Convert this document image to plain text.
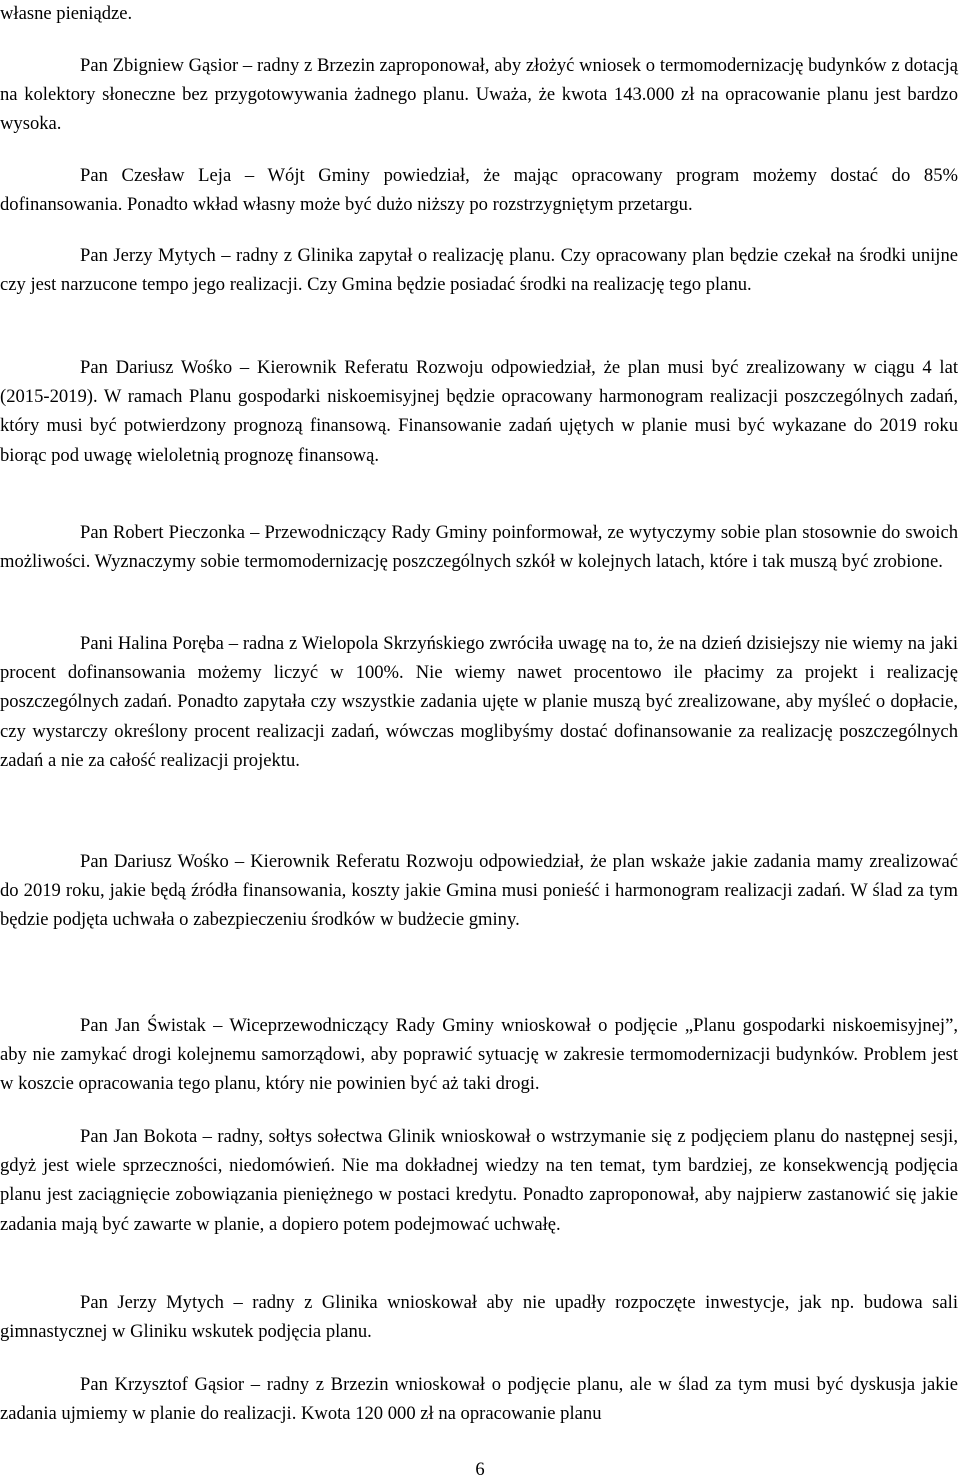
własne pieniądze.

Pan Zbigniew Gąsior – radny z Brzezin zaproponował, aby złożyć wniosek o termomodernizację budynków z dotacją na kolektory słoneczne bez przygotowywania żadnego planu. Uważa, że kwota 143.000 zł na opracowanie planu jest bardzo wysoka.

Pan Czesław Leja – Wójt Gminy powiedział, że mając opracowany program możemy dostać do 85% dofinansowania. Ponadto wkład własny może być dużo niższy po rozstrzygniętym przetargu.

Pan Jerzy Mytych – radny z Glinika zapytał o realizację planu. Czy opracowany plan będzie czekał na środki unijne czy jest narzucone tempo jego realizacji. Czy Gmina będzie posiadać środki na realizację tego planu.

Pan Dariusz Wośko – Kierownik Referatu Rozwoju odpowiedział, że plan musi być zrealizowany w ciągu 4 lat (2015-2019). W ramach Planu gospodarki niskoemisyjnej będzie opracowany harmonogram realizacji poszczególnych zadań, który musi być potwierdzony prognozą finansową. Finansowanie zadań ujętych w planie musi być wykazane do 2019 roku biorąc pod uwagę wieloletnią prognozę finansową.

Pan Robert Pieczonka – Przewodniczący Rady Gminy poinformował, ze wytyczymy sobie plan stosownie do swoich możliwości. Wyznaczymy sobie termomodernizację poszczególnych szkół w kolejnych latach, które i tak muszą być zrobione.

Pani Halina Poręba – radna z Wielopola Skrzyńskiego zwróciła uwagę na to, że na dzień dzisiejszy nie wiemy na jaki procent dofinansowania możemy liczyć w 100%. Nie wiemy nawet procentowo ile płacimy za projekt i realizację poszczególnych zadań. Ponadto zapytała czy wszystkie zadania ujęte w planie muszą być zrealizowane, aby myśleć o dopłacie, czy wystarczy określony procent realizacji zadań, wówczas moglibyśmy dostać dofinansowanie za realizację poszczególnych zadań a nie za całość realizacji projektu.

Pan Dariusz Wośko – Kierownik Referatu Rozwoju odpowiedział, że plan wskaże jakie zadania mamy zrealizować do 2019 roku, jakie będą źródła finansowania, koszty jakie Gmina musi ponieść i harmonogram realizacji zadań. W ślad za tym będzie podjęta uchwała o zabezpieczeniu środków w budżecie gminy.

Pan Jan Świstak – Wiceprzewodniczący Rady Gminy wnioskował o podjęcie „Planu gospodarki niskoemisyjnej”, aby nie zamykać drogi kolejnemu samorządowi, aby poprawić sytuację w zakresie termomodernizacji budynków. Problem jest w koszcie opracowania tego planu, który nie powinien być aż taki drogi.

Pan Jan Bokota – radny, sołtys sołectwa Glinik wnioskował o wstrzymanie się z podjęciem planu do następnej sesji, gdyż jest wiele sprzeczności, niedomówień. Nie ma dokładnej wiedzy na ten temat, tym bardziej, ze konsekwencją podjęcia planu jest zaciągnięcie zobowiązania pieniężnego w postaci kredytu. Ponadto zaproponował, aby najpierw zastanowić się jakie zadania mają być zawarte w planie, a dopiero potem podejmować uchwałę.

Pan Jerzy Mytych – radny z Glinika wnioskował aby nie upadły rozpoczęte inwestycje, jak np. budowa sali gimnastycznej w Gliniku wskutek podjęcia planu.

Pan Krzysztof Gąsior – radny z Brzezin wnioskował o podjęcie planu, ale w ślad za tym musi być dyskusja jakie zadania ujmiemy w planie do realizacji. Kwota 120 000 zł na opracowanie planu

6
